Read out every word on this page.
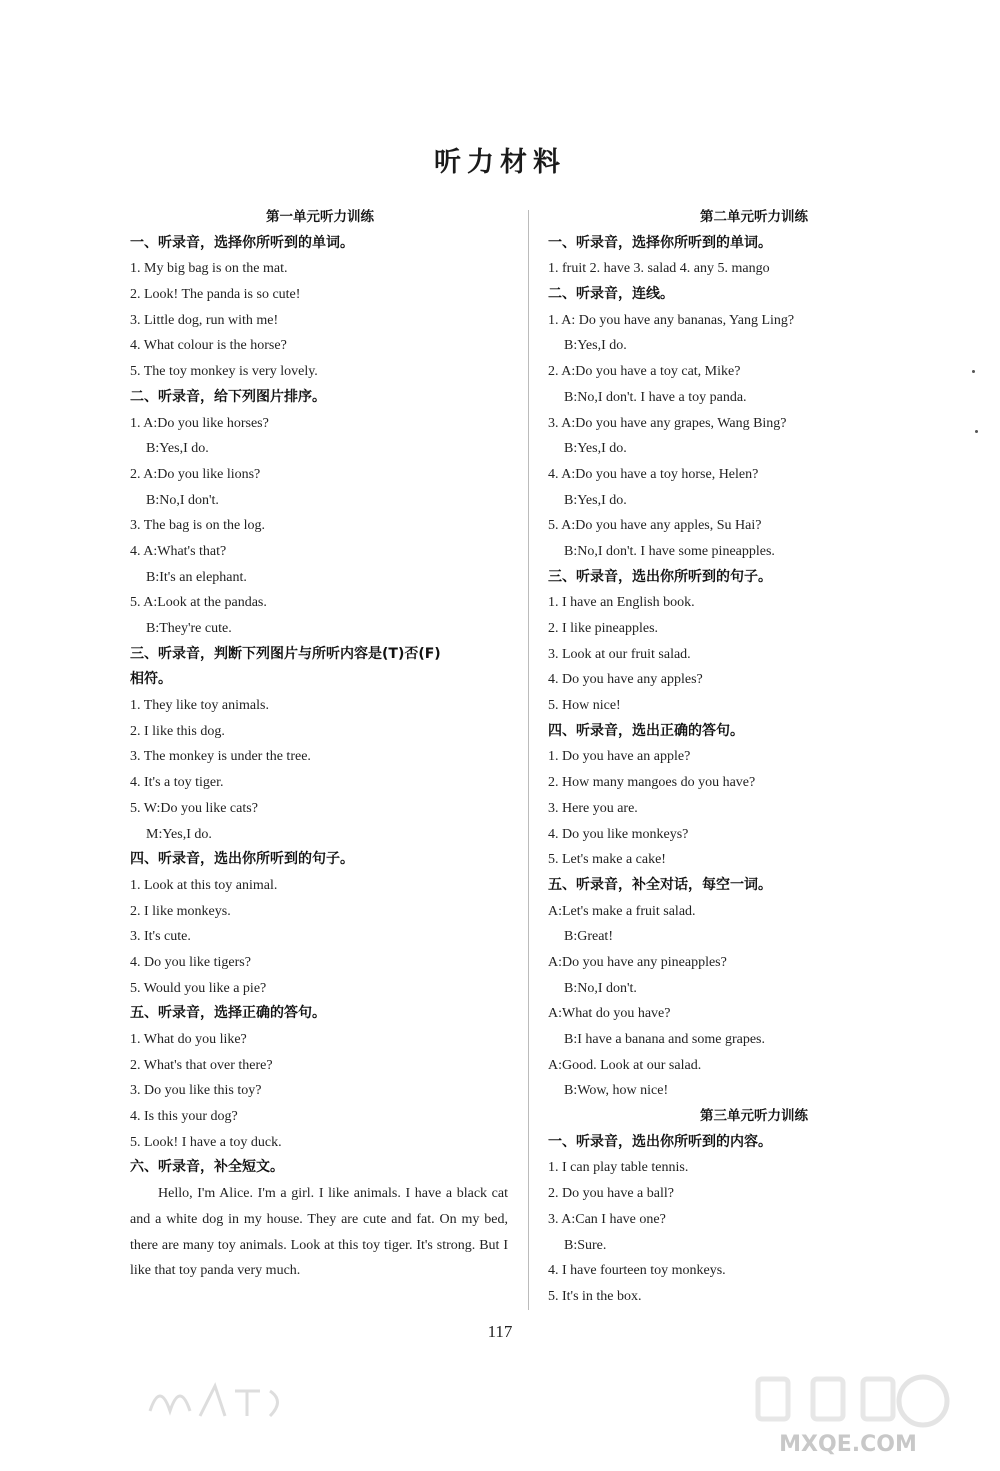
听力材料
第一单元听力训练
一、听录音，选择你所听到的单词。
1. My big bag is on the mat.
2. Look! The panda is so cute!
3. Little dog, run with me!
4. What colour is the horse?
5. The toy monkey is very lovely.
二、听录音，给下列图片排序。
1. A:Do you like horses?
B:Yes,I do.
2. A:Do you like lions?
B:No,I don't.
3. The bag is on the log.
4. A:What's that?
B:It's an elephant.
5. A:Look at the pandas.
B:They're cute.
三、听录音，判断下列图片与所听内容是(T)否(F)
相符。
1. They like toy animals.
2. I like this dog.
3. The monkey is under the tree.
4. It's a toy tiger.
5. W:Do you like cats?
M:Yes,I do.
四、听录音，选出你所听到的句子。
1. Look at this toy animal.
2. I like monkeys.
3. It's cute.
4. Do you like tigers?
5. Would you like a pie?
五、听录音，选择正确的答句。
1. What do you like?
2. What's that over there?
3. Do you like this toy?
4. Is this your dog?
5. Look! I have a toy duck.
六、听录音，补全短文。
Hello, I'm Alice. I'm a girl. I like animals. I have a black cat and a white dog in my house. They are cute and fat. On my bed, there are many toy animals. Look at this toy tiger. It's strong. But I like that toy panda very much.
第二单元听力训练
一、听录音，选择你所听到的单词。
1. fruit 2. have 3. salad 4. any 5. mango
二、听录音，连线。
1. A: Do you have any bananas, Yang Ling?
B:Yes,I do.
2. A:Do you have a toy cat, Mike?
B:No,I don't. I have a toy panda.
3. A:Do you have any grapes, Wang Bing?
B:Yes,I do.
4. A:Do you have a toy horse, Helen?
B:Yes,I do.
5. A:Do you have any apples, Su Hai?
B:No,I don't. I have some pineapples.
三、听录音，选出你所听到的句子。
1. I have an English book.
2. I like pineapples.
3. Look at our fruit salad.
4. Do you have any apples?
5. How nice!
四、听录音，选出正确的答句。
1. Do you have an apple?
2. How many mangoes do you have?
3. Here you are.
4. Do you like monkeys?
5. Let's make a cake!
五、听录音，补全对话，每空一词。
A:Let's make a fruit salad.
B:Great!
A:Do you have any pineapples?
B:No,I don't.
A:What do you have?
B:I have a banana and some grapes.
A:Good. Look at our salad.
B:Wow, how nice!
第三单元听力训练
一、听录音，选出你所听到的内容。
1. I can play table tennis.
2. Do you have a ball?
3. A:Can I have one?
B:Sure.
4. I have fourteen toy monkeys.
5. It's in the box.
117
MXQE.COM
